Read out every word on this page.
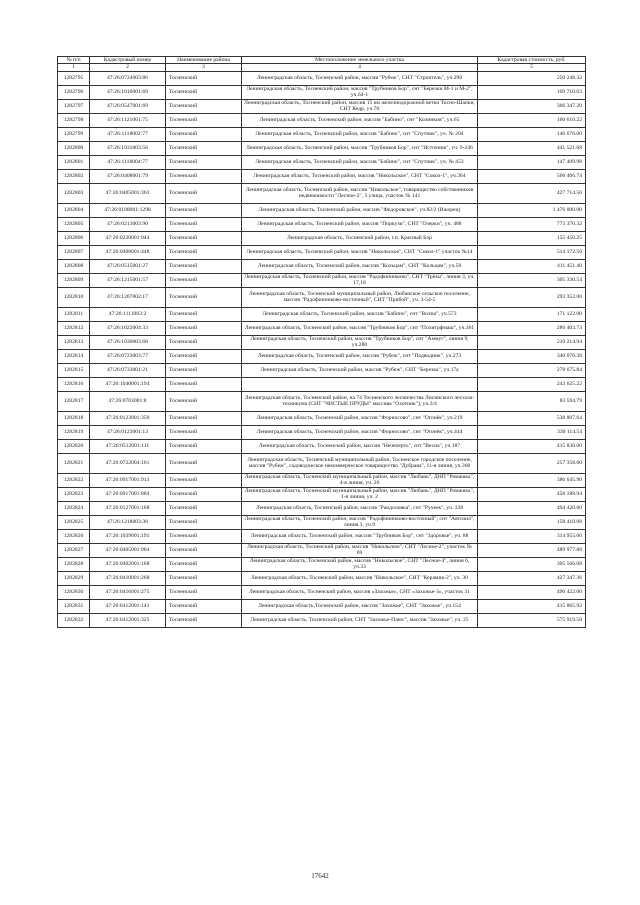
№ п/п	Кадастровый номер	Наименование района	Местоположение земельного участка	Кадастровая стоимость, руб.
1	2	3	4	5
1282795	47:26:0724003:86	Тосненский	Ленинградская область, Тосненский район, массив "Рубеж", СНТ "Строитель", уч.290	250 248.32
1282796	47:26:1016001:69	Тосненский	Ленинградская область, Тосненский район, массив "Трубников Бор", снт "Березки М-1 и М-2", уч.64-1	169 710.03
1282797	47:26:0547001:69	Тосненский	Ленинградская область, Тосненский район, массив 15 км железнодорожной ветки Тосно-Шапки, СНТ Кедр, уч.70	366 347.20
1282798	47:26:1121001:75	Тосненский	Ленинградская область, Тосненский район, массив "Бабино", снт "Колинкия", уч.65	160 610.22
1282799	47:26:1118002:77	Тосненский	Ленинградская область, Тосненский район, массив "Бабино", снт "Спутник", уч. № 204	146 676.00
1282800	47:26:1031003:56	Тосненский	Ленинградская область, Тосненский район, массив "Трубников Бор", снт "Источник", уч. 9-246	441 521.68
1282801	47:26:1118004:77	Тосненский	Ленинградская область, Тосненский район, массив "Бабино", снт "Спутник", уч. № 453	147 409.98
1282802	47:26:0408001:79	Тосненский	Ленинградская область, Тосненский район, массив "Никольское", СНТ "Сокол-1", уч.364	566 466.74
1282803	47:26:0405001:363	Тосненский	Ленинградская область, Тосненский район, массив "Никольское", товарищество собственников недвижимости "Лесное-2", 5 улица, участок № 141	427 714.56
1282804	47:26:0108001:1298	Тосненский	Ленинградская область, Тосненский район, массив "Федоровское", уч.82/2 (Ижорец)	1 476 000.00
1282805	47:26:0213003:90	Тосненский	Ленинградская область, Тосненский район, массив "Поркузи", СНТ "Озерки", уч. 488	773 370.32
1282806	47:26:0220001:944	Тосненский	Ленинградская область, Тосненский район, г.п. Красный Бор	155 450.25
1282807	47:26:0408001:448	Тосненский	Ленинградская область, Тосненский район, массив "Никольское", СНТ "Сокол-1" участок №14	514 172.56
1282808	47:26:0515001:27	Тосненский	Ленинградская область, Тосненский район, массив "Кольцам", СНТ "Кольцам", уч.50	411 451.40
1282809	47:26:1215001:57	Тосненский	Ленинградская область, Тосненский район, массив "Радофинниково", СНТ "Трёзы", линия 3, уч. 17,18	305 330.54
1282810	47:26:1207002:17	Тосненский	Ленинградская область, Тосненский муниципальный район, Любанское сельское поселение, массив "Радофинниково-восточный", СНТ "Прибой", уч. 3-54-5	293 352.00
1282811	47:26:1111003:2	Тосненский	Ленинградская область, Тосненский район, массив "Бабино", снт "Волна", уч.573	171 122.00
1282812	47:26:1022004:33	Тосненский	Ленинградская область, Тосненский район, массив "Трубников Бор", снт "Политрфмаш", уч.361	286 403.73
1282813	47:26:1030003:68	Тосненский	Ленинградская область, Тосненский район, массив "Трубников Бор", снт "Аммуг", линия 9, уч.280	210 214.94
1282814	47:26:0723003:77	Тосненский	Ленинградская область, Тосненский район, массив "Рубеж", снт "Подводник", уч.273	340 070.38
1282815	47:26:0733001:21	Тосненский	Ленинградская область, Тосненский район, массив "Рубеж", СНТ "Березка", уч.17а	278 675.84
1282816	47:26:1040001:194	Тосненский		243 625.22
1282817	47:26:0703001:8	Тосненский	Ленинградская область, Тосненский район, на 74 Тосненского лесничества Лисинского лесхоза-техникума (СНТ "ЧИСТЫЕ ПРУДЫ" массива "Охотник"), уч.3/4	83 594.79
1282818	47:26:0123001:350	Тосненский	Ленинградская область, Тосненский район, массив "Форносово", снт "Огонёк", уч.219	538 807.64
1282819	47:26:0123001:13	Тосненский	Ленинградская область, Тосненский район, массив "Форносово", снт "Огонёк", уч.444	330 114.54
1282820	47:26:0512001:111	Тосненский	Ленинградская область, Тосненский район, массив "Нечеперть", снт "Весна", уч.187	415 830.00
1282821	47:26:0722004:161	Тосненский	Ленинградская область, Тосненский муниципальный район, Тосненское городское поселение, массив "Рубеж", садоводческое некоммерческое товарищество "Дубрава", 11-я линия, уч.360	257 358.00
1282822	47:26:0917001:913	Тосненский	Ленинградская область, Тосненский муниципальный район, массив "Любань", ДНП "Ромашка", 4-я линия, уч. 26	386 645.90
1282823	47:26:0917001:884	Тосненский	Ленинградская область, Тосненский муниципальный район, массив "Любань", ДНП "Ромашка", 1-я линия, уч. 2	458 188.94
1282824	47:26:0127001:168	Тосненский	Ленинградская область, Тосненский район, массив "Рандоловка", снт "Ручеек", уч. 338	494 420.00
1282825	47:26:1218003:36	Тосненский	Ленинградская область, Тосненский район, массив "Радофинниково-восточный", снт "Автозил", линия 3, уч.9	158 410.08
1282826	47:26:1039001:191	Тосненский	Ленинградская область, Тосненский район, массив "Трубников Бор", снт "Здоровье", уч. 88	314 955.66
1282827	47:26:0405001:904	Тосненский	Ленинградская область, Тосненский район, массив "Никольское", СНТ "Лесное-2", участок № 69	489 977.88
1282828	47:26:0402001:168	Тосненский	Ленинградская область, Тосненский район, массив "Никольское", СНТ "Лесное-4", линия 6, уч.33	305 566.08
1282829	47:26:0410001:268	Тосненский	Ленинградская область, Тосненский район, массив "Никольское", СНТ "Керамик-2", уч. 30	427 347.36
1282830	47:26:0416001:275	Тосненский	Ленинградская область, Тосненский район, массив «Захожье», СНТ «Захожье-3», участок 31	496 422.00
1282831	47:26:0412001:141	Тосненский	Ленинградская область,Тосненский район, массив "Захожье", СНТ "Захожье", уч.154	415 865.92
1282832	47:26:0412001:325	Тосненский	Ленинградская область, Тосненский район, СНТ "Захожье-Плюс", массив "Захожье", уч. 25	575 919.58
17642
